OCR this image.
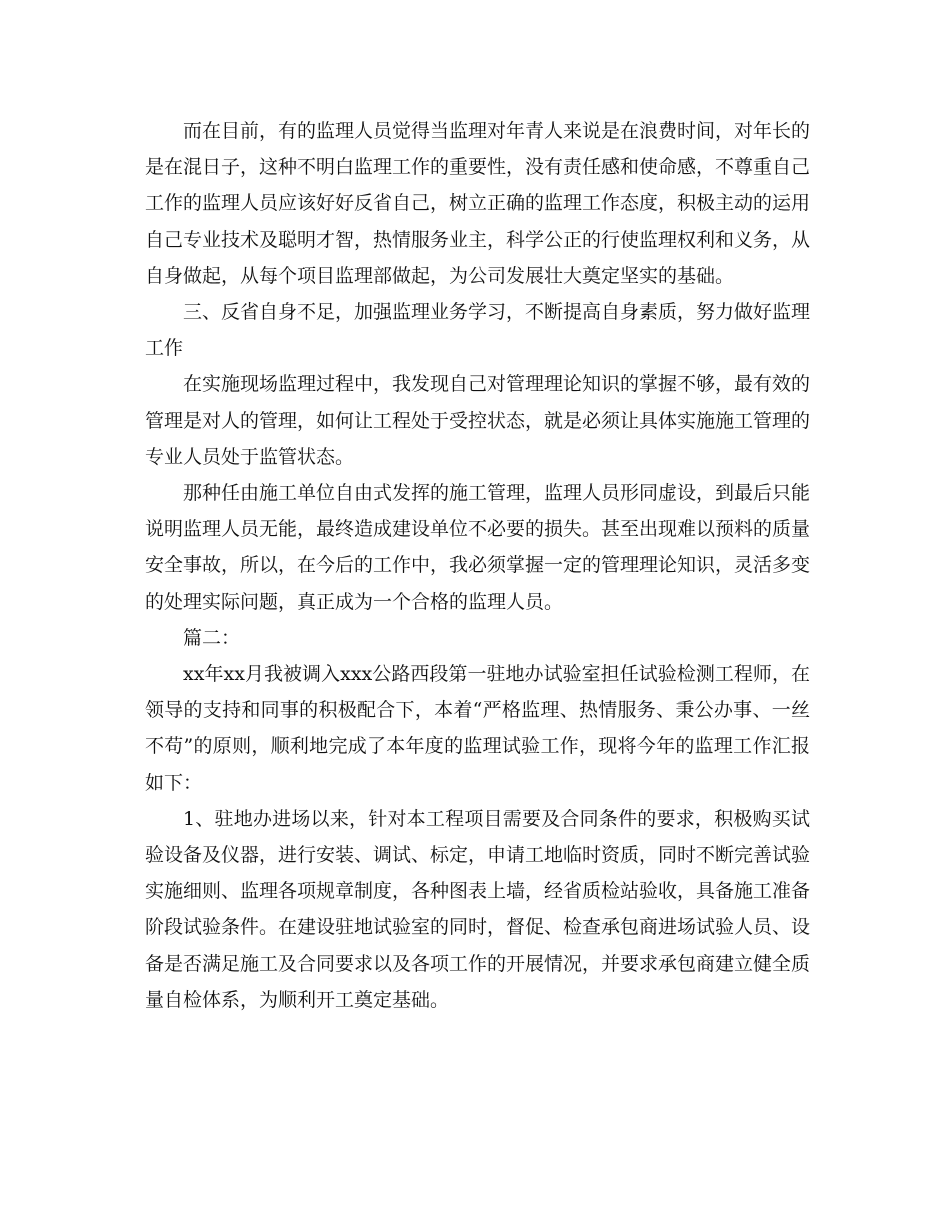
而在目前，有的监理人员觉得当监理对年青人来说是在浪费时间，对年长的是在混日子，这种不明白监理工作的重要性，没有责任感和使命感，不尊重自己工作的监理人员应该好好反省自己，树立正确的监理工作态度，积极主动的运用自己专业技术及聪明才智，热情服务业主，科学公正的行使监理权利和义务，从自身做起，从每个项目监理部做起，为公司发展壮大奠定坚实的基础。

三、反省自身不足，加强监理业务学习，不断提高自身素质，努力做好监理工作

在实施现场监理过程中，我发现自己对管理理论知识的掌握不够，最有效的管理是对人的管理，如何让工程处于受控状态，就是必须让具体实施施工管理的专业人员处于监管状态。

那种任由施工单位自由式发挥的施工管理，监理人员形同虚设，到最后只能说明监理人员无能，最终造成建设单位不必要的损失。甚至出现难以预料的质量安全事故，所以，在今后的工作中，我必须掌握一定的管理理论知识，灵活多变的处理实际问题，真正成为一个合格的监理人员。

篇二：

xx年xx月我被调入xxx公路西段第一驻地办试验室担任试验检测工程师，在领导的支持和同事的积极配合下，本着“严格监理、热情服务、秉公办事、一丝不苟”的原则，顺利地完成了本年度的监理试验工作，现将今年的监理工作汇报如下：

1、驻地办进场以来，针对本工程项目需要及合同条件的要求，积极购买试验设备及仪器，进行安装、调试、标定，申请工地临时资质，同时不断完善试验实施细则、监理各项规章制度，各种图表上墙，经省质检站验收，具备施工准备阶段试验条件。在建设驻地试验室的同时，督促、检查承包商进场试验人员、设备是否满足施工及合同要求以及各项工作的开展情况，并要求承包商建立健全质量自检体系，为顺利开工奠定基础。
